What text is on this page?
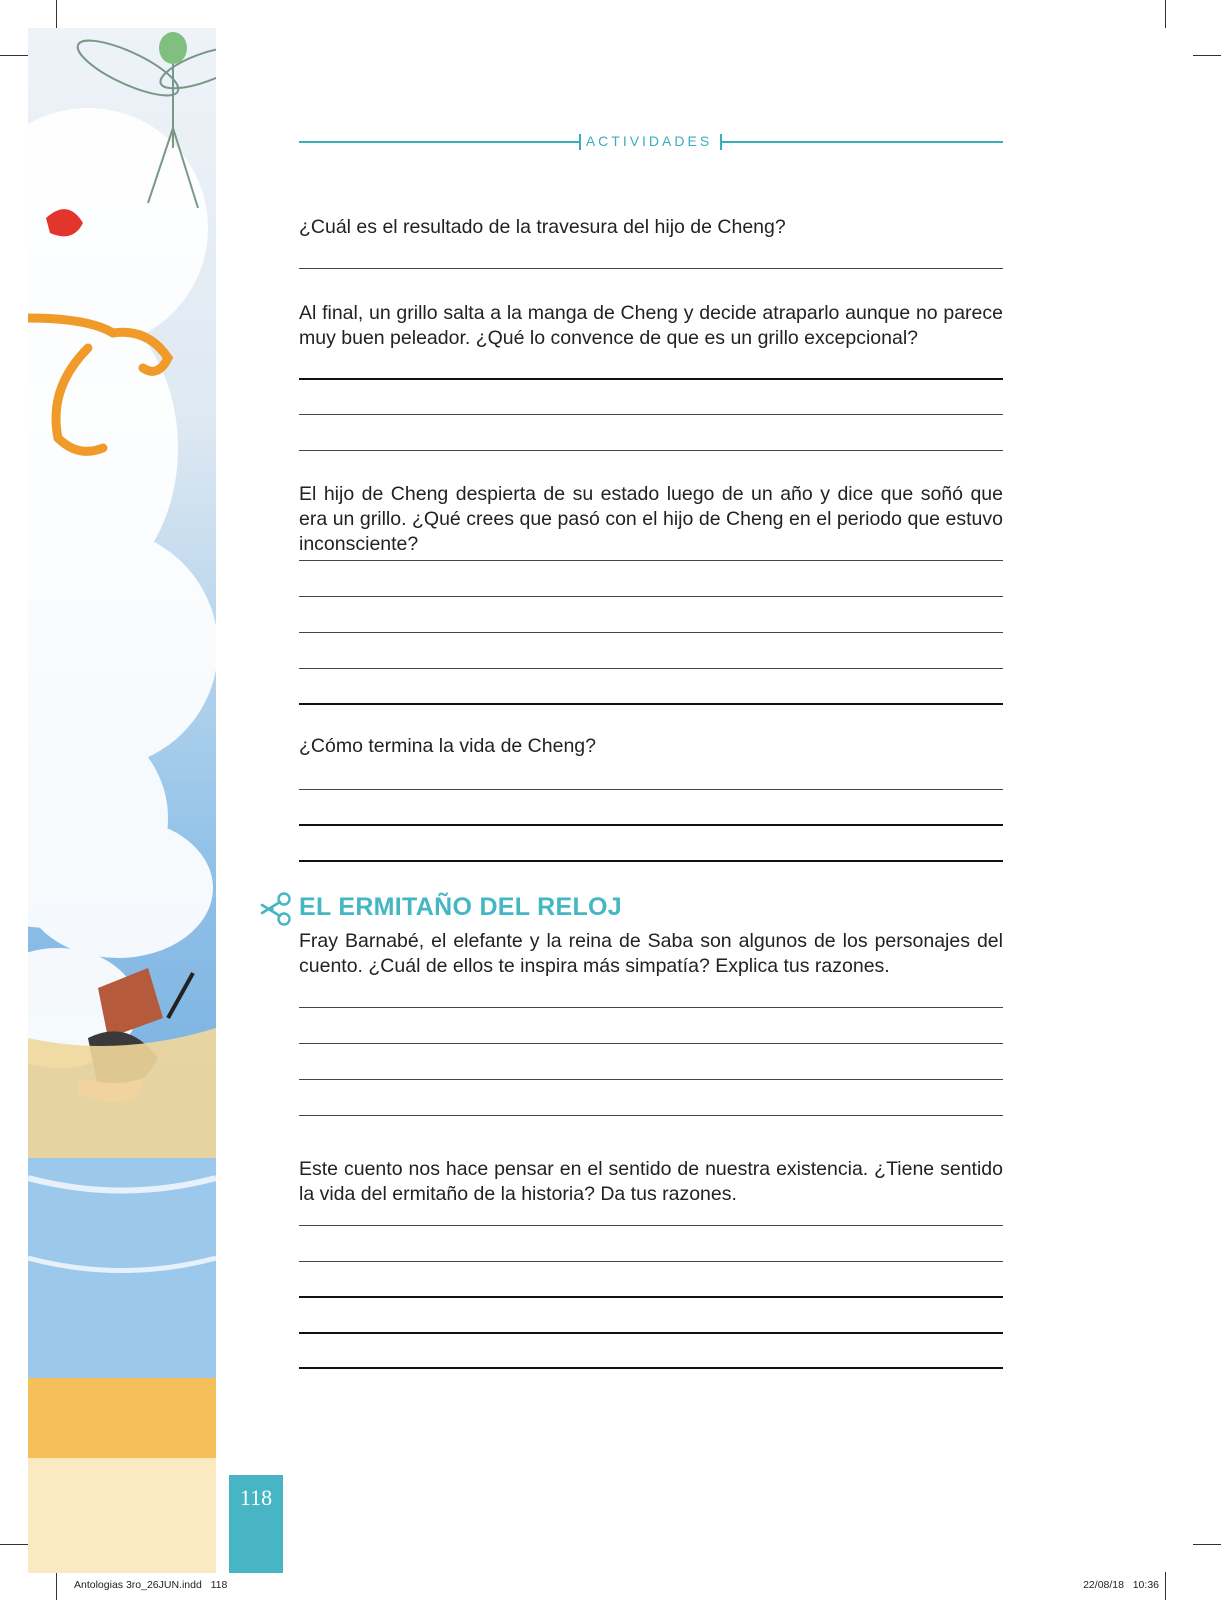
ACTIVIDADES
¿Cuál es el resultado de la travesura del hijo de Cheng?
Al final, un grillo salta a la manga de Cheng y decide atraparlo aunque no parece muy buen peleador. ¿Qué lo convence de que es un grillo excepcional?
El hijo de Cheng despierta de su estado luego de un año y dice que soñó que era un grillo. ¿Qué crees que pasó con el hijo de Cheng en el periodo que estuvo inconsciente?
¿Cómo termina la vida de Cheng?
EL ERMITAÑO DEL RELOJ
Fray Barnabé, el elefante y la reina de Saba son algunos de los personajes del cuento. ¿Cuál de ellos te inspira más simpatía? Explica tus razones.
Este cuento nos hace pensar en el sentido de nuestra existencia. ¿Tiene sentido la vida del ermitaño de la historia? Da tus razones.
118
Antologias 3ro_26JUN.indd   118	22/08/18   10:36
